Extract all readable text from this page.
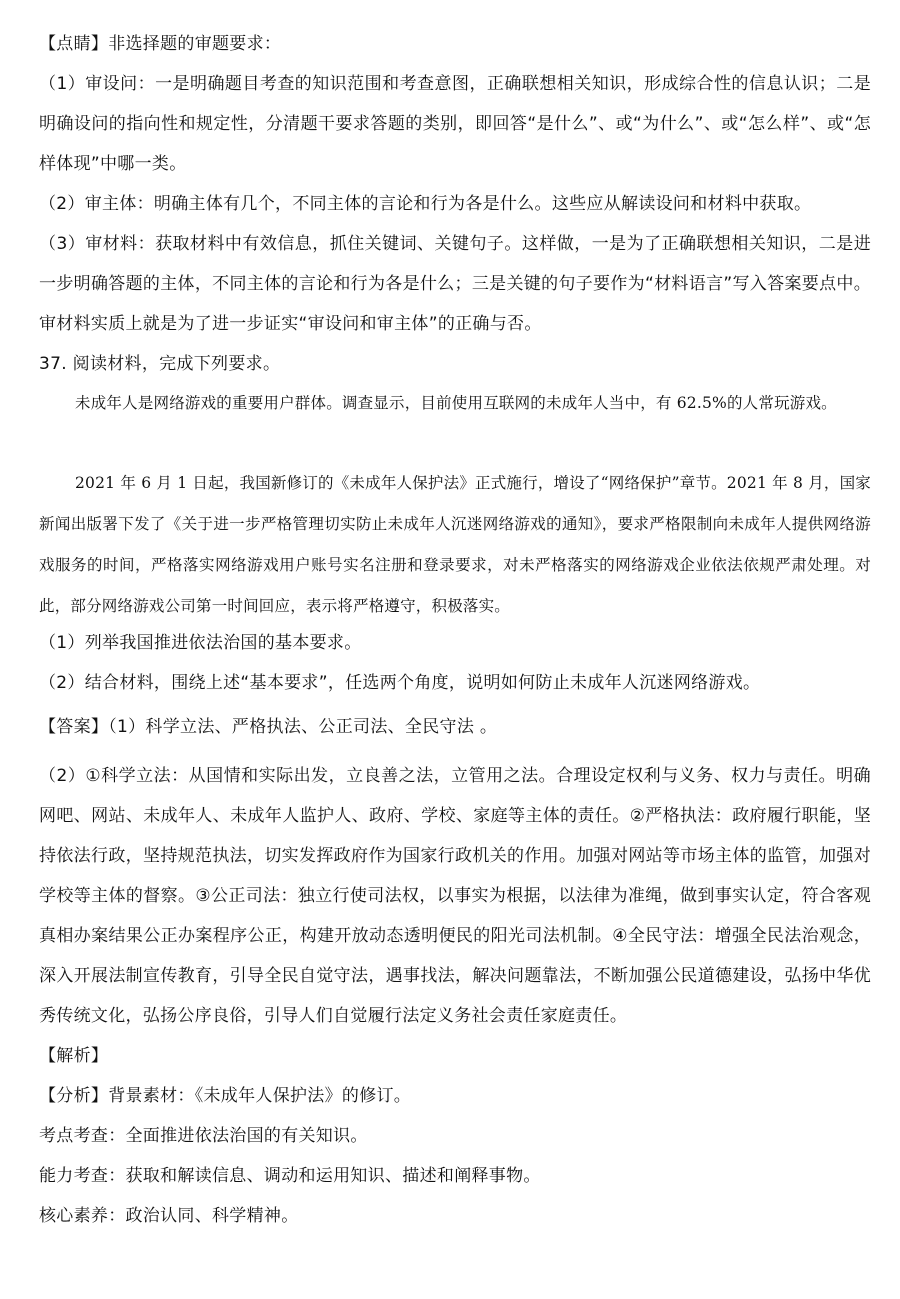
【点睛】非选择题的审题要求：

（1）审设问：一是明确题目考查的知识范围和考查意图，正确联想相关知识，形成综合性的信息认识；二是明确设问的指向性和规定性，分清题干要求答题的类别，即回答“是什么”、或“为什么”、或“怎么样”、或“怎样体现”中哪一类。

（2）审主体：明确主体有几个，不同主体的言论和行为各是什么。这些应从解读设问和材料中获取。

（3）审材料：获取材料中有效信息，抓住关键词、关键句子。这样做，一是为了正确联想相关知识，二是进一步明确答题的主体，不同主体的言论和行为各是什么；三是关键的句子要作为“材料语言”写入答案要点中。审材料实质上就是为了进一步证实“审设问和审主体”的正确与否。

37. 阅读材料，完成下列要求。

未成年人是网络游戏的重要用户群体。调查显示，目前使用互联网的未成年人当中，有 62.5%的人常玩游戏。

2021 年 6 月 1 日起，我国新修订的《未成年人保护法》正式施行，增设了“网络保护”章节。2021 年 8 月，国家新闻出版署下发了《关于进一步严格管理切实防止未成年人沉迷网络游戏的通知》，要求严格限制向未成年人提供网络游戏服务的时间，严格落实网络游戏用户账号实名注册和登录要求，对未严格落实的网络游戏企业依法依规严肃处理。对此，部分网络游戏公司第一时间回应，表示将严格遵守，积极落实。

（1）列举我国推进依法治国的基本要求。

（2）结合材料，围绕上述“基本要求”，任选两个角度，说明如何防止未成年人沉迷网络游戏。

【答案】（1）科学立法、严格执法、公正司法、全民守法 。

（2）①科学立法：从国情和实际出发，立良善之法，立管用之法。合理设定权利与义务、权力与责任。明确网吧、网站、未成年人、未成年人监护人、政府、学校、家庭等主体的责任。②严格执法：政府履行职能，坚持依法行政，坚持规范执法，切实发挥政府作为国家行政机关的作用。加强对网站等市场主体的监管，加强对学校等主体的督察。③公正司法：独立行使司法权，以事实为根据，以法律为准绳，做到事实认定，符合客观真相办案结果公正办案程序公正，构建开放动态透明便民的阳光司法机制。④全民守法：增强全民法治观念，深入开展法制宣传教育，引导全民自觉守法，遇事找法，解决问题靠法，不断加强公民道德建设，弘扬中华优秀传统文化，弘扬公序良俗，引导人们自觉履行法定义务社会责任家庭责任。

【解析】

【分析】背景素材：《未成年人保护法》的修订。

考点考查：全面推进依法治国的有关知识。

能力考查：获取和解读信息、调动和运用知识、描述和阐释事物。

核心素养：政治认同、科学精神。
